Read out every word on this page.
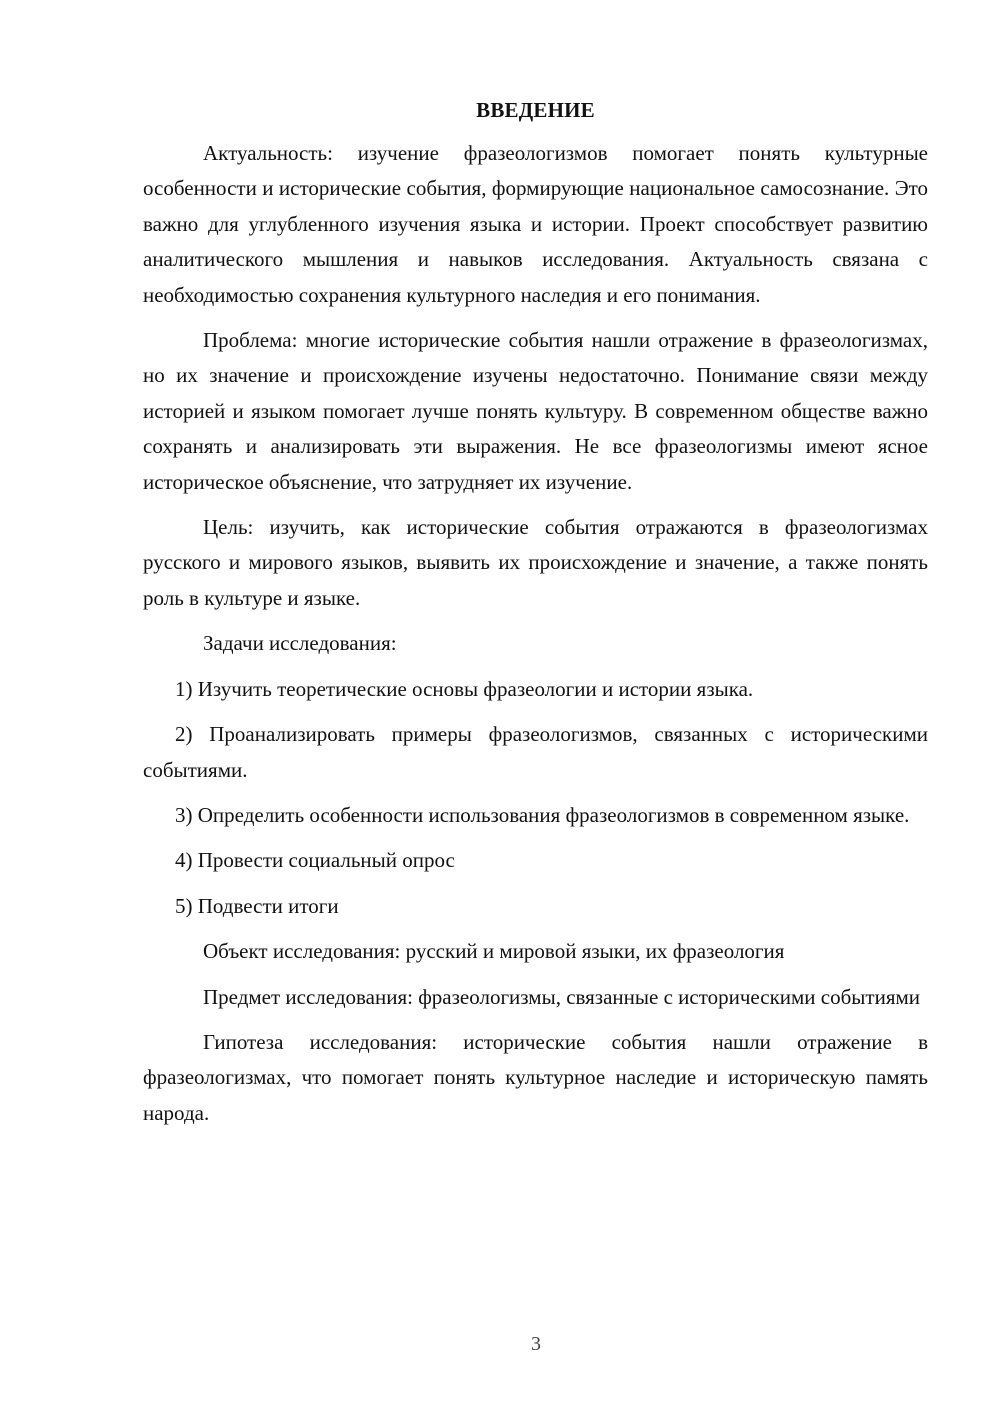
ВВЕДЕНИЕ

Актуальность: изучение фразеологизмов помогает понять культурные особенности и исторические события, формирующие национальное самосознание. Это важно для углубленного изучения языка и истории. Проект способствует развитию аналитического мышления и навыков исследования. Актуальность связана с необходимостью сохранения культурного наследия и его понимания.

Проблема: многие исторические события нашли отражение в фразеологизмах, но их значение и происхождение изучены недостаточно. Понимание связи между историей и языком помогает лучше понять культуру. В современном обществе важно сохранять и анализировать эти выражения. Не все фразеологизмы имеют ясное историческое объяснение, что затрудняет их изучение.

Цель: изучить, как исторические события отражаются в фразеологизмах русского и мирового языков, выявить их происхождение и значение, а также понять роль в культуре и языке.

Задачи исследования:

1) Изучить теоретические основы фразеологии и истории языка.

2) Проанализировать примеры фразеологизмов, связанных с историческими событиями.

3) Определить особенности использования фразеологизмов в современном языке.

4) Провести социальный опрос

5) Подвести итоги

Объект исследования: русский и мировой языки, их фразеология

Предмет исследования: фразеологизмы, связанные с историческими событиями

Гипотеза исследования: исторические события нашли отражение в фразеологизмах, что помогает понять культурное наследие и историческую память народа.

3
